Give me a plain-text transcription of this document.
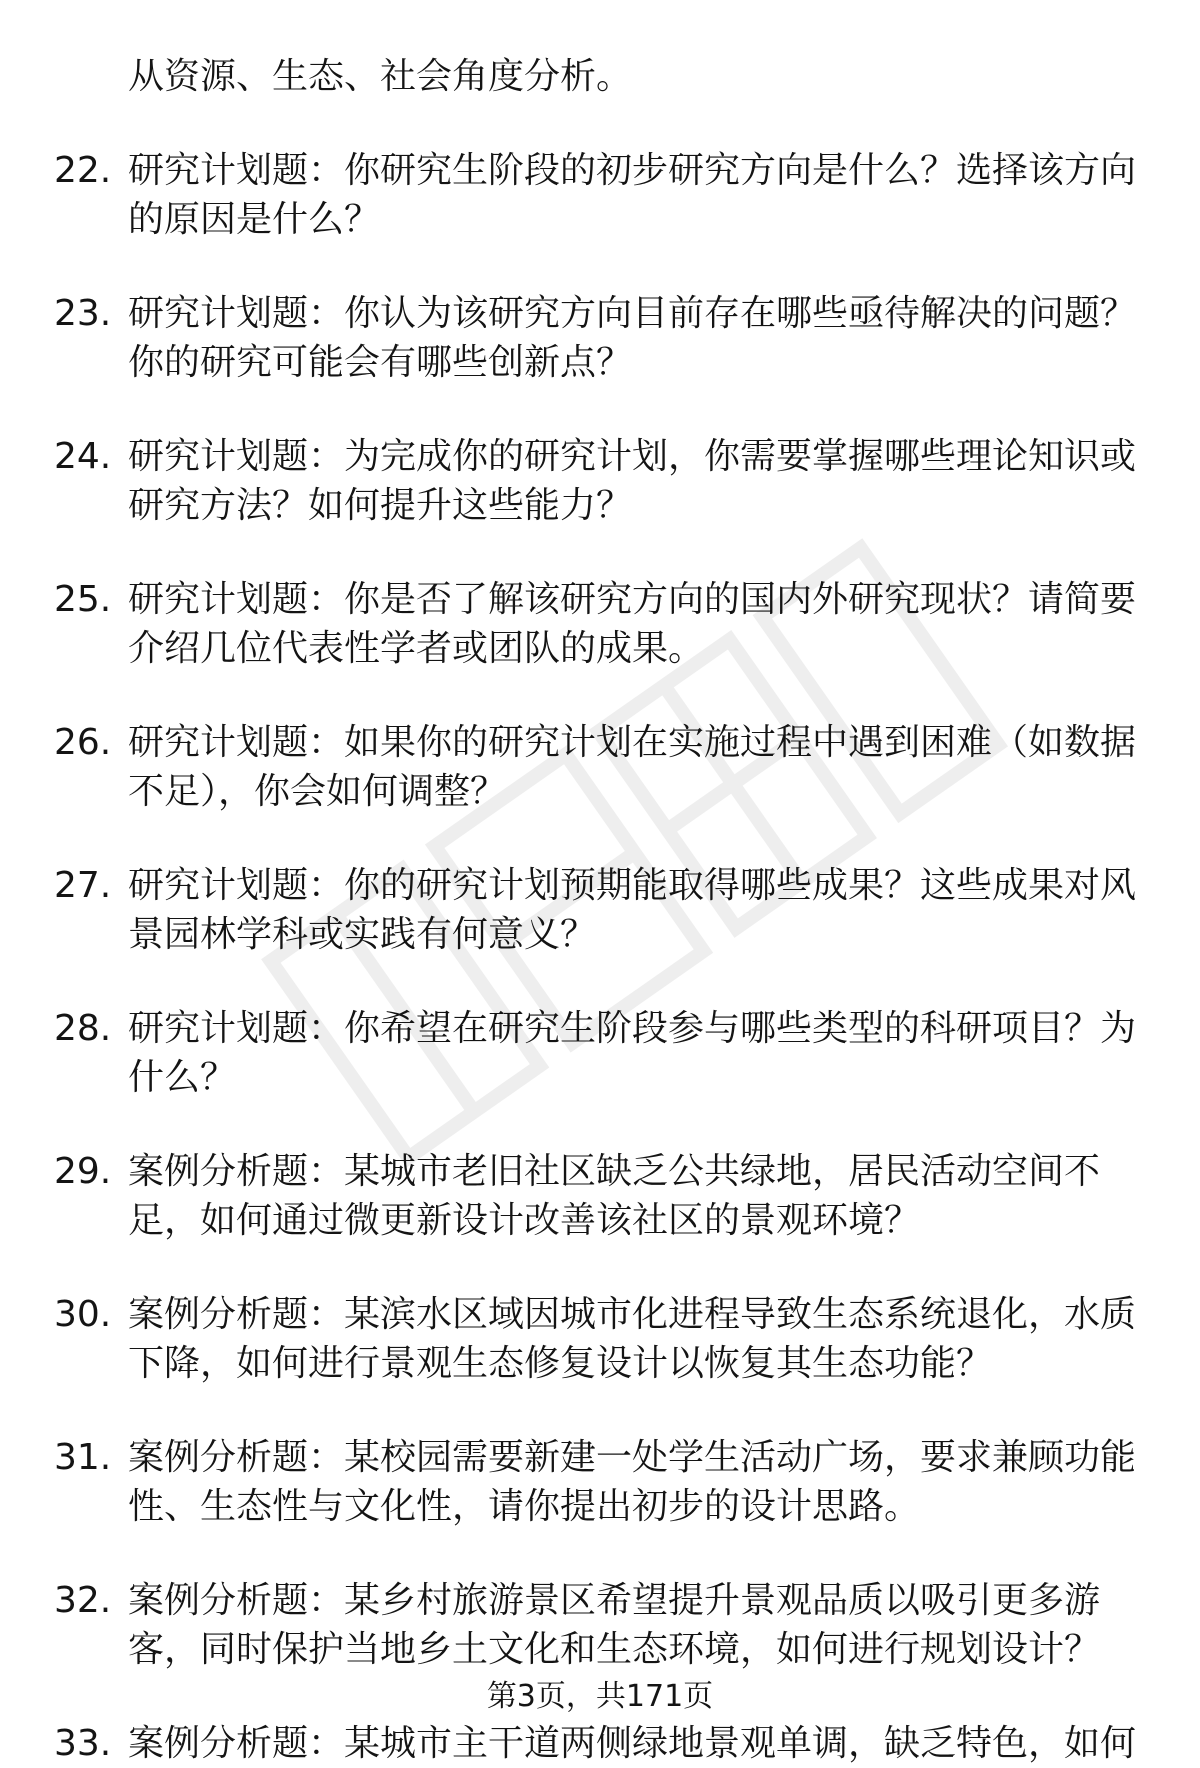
从资源、生态、社会角度分析。
22. 研究计划题：你研究生阶段的初步研究方向是什么？选择该方向的原因是什么？
23. 研究计划题：你认为该研究方向目前存在哪些亟待解决的问题？你的研究可能会有哪些创新点？
24. 研究计划题：为完成你的研究计划，你需要掌握哪些理论知识或研究方法？如何提升这些能力？
25. 研究计划题：你是否了解该研究方向的国内外研究现状？请简要介绍几位代表性学者或团队的成果。
26. 研究计划题：如果你的研究计划在实施过程中遇到困难（如数据不足），你会如何调整？
27. 研究计划题：你的研究计划预期能取得哪些成果？这些成果对风景园林学科或实践有何意义？
28. 研究计划题：你希望在研究生阶段参与哪些类型的科研项目？为什么？
29. 案例分析题：某城市老旧社区缺乏公共绿地，居民活动空间不足，如何通过微更新设计改善该社区的景观环境？
30. 案例分析题：某滨水区域因城市化进程导致生态系统退化，水质下降，如何进行景观生态修复设计以恢复其生态功能？
31. 案例分析题：某校园需要新建一处学生活动广场，要求兼顾功能性、生态性与文化性，请你提出初步的设计思路。
32. 案例分析题：某乡村旅游景区希望提升景观品质以吸引更多游客，同时保护当地乡土文化和生态环境，如何进行规划设计？
33. 案例分析题：某城市主干道两侧绿地景观单调，缺乏特色，如何
第3页，共171页
